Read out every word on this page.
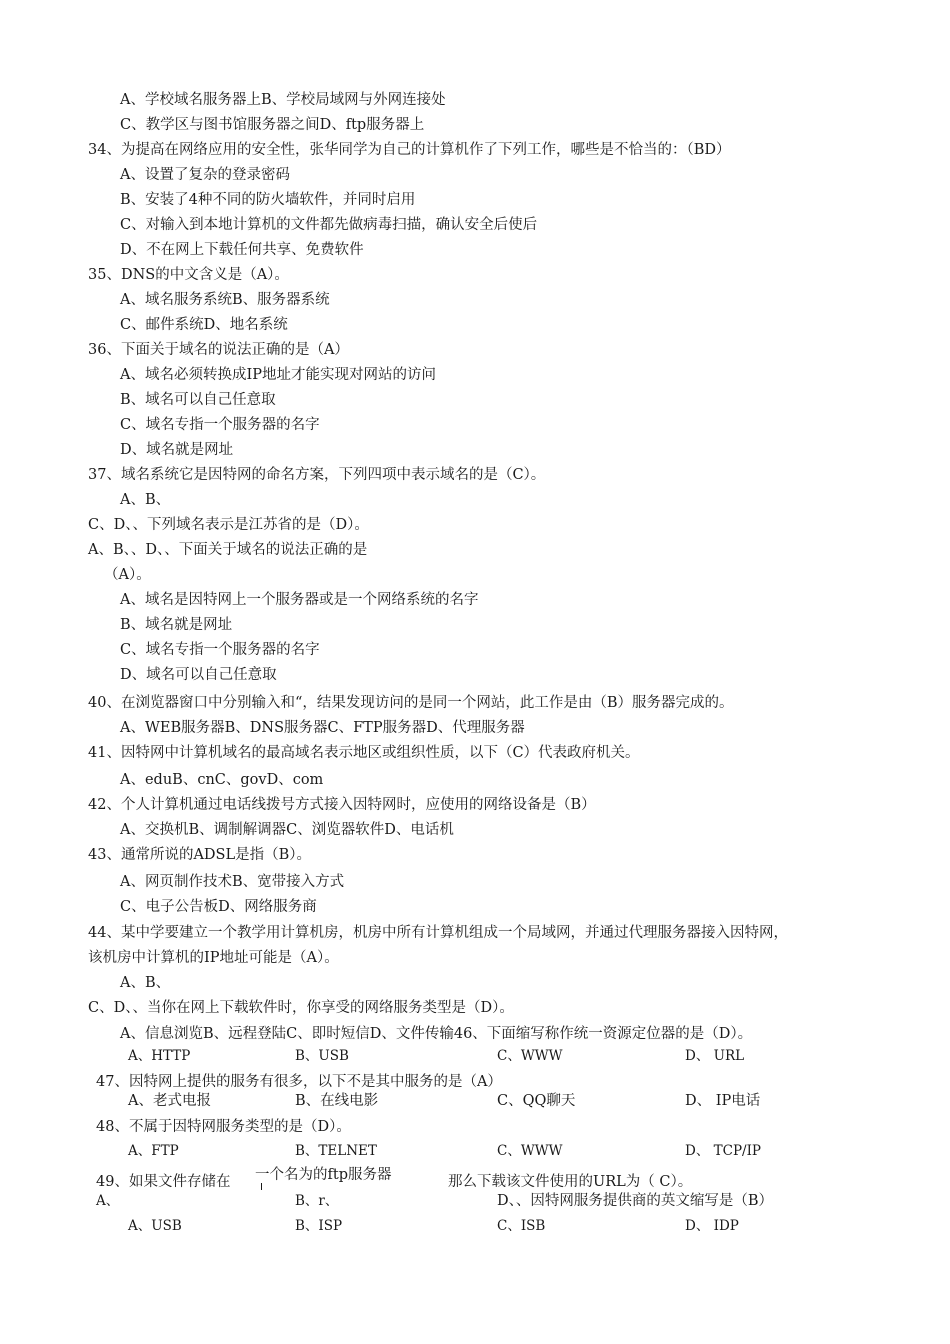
A、学校域名服务器上B、学校局域网与外网连接处
C、教学区与图书馆服务器之间D、ftp服务器上
34、为提高在网络应用的安全性，张华同学为自己的计算机作了下列工作，哪些是不恰当的：（BD）
A、设置了复杂的登录密码
B、安装了4种不同的防火墙软件，并同时启用
C、对输入到本地计算机的文件都先做病毒扫描，确认安全后使后
D、不在网上下载任何共享、免费软件
35、DNS的中文含义是（A）。
A、域名服务系统B、服务器系统
C、邮件系统D、地名系统
36、下面关于域名的说法正确的是（A）
A、域名必须转换成IP地址才能实现对网站的访问
B、域名可以自己任意取
C、域名专指一个服务器的名字
D、域名就是网址
37、域名系统它是因特网的命名方案，下列四项中表示域名的是（C）。
A、B、
C、D、、下列域名表示是江苏省的是（D）。
A、B、、D、、下面关于域名的说法正确的是
（A）。
A、域名是因特网上一个服务器或是一个网络系统的名字
B、域名就是网址
C、域名专指一个服务器的名字
D、域名可以自己任意取
40、在浏览器窗口中分别输入和“，结果发现访问的是同一个网站，此工作是由（B）服务器完成的。
A、WEB服务器B、DNS服务器C、FTP服务器D、代理服务器
41、因特网中计算机域名的最高域名表示地区或组织性质，以下（C）代表政府机关。
A、eduB、cnC、govD、com
42、个人计算机通过电话线拨号方式接入因特网时，应使用的网络设备是（B）
A、交换机B、调制解调器C、浏览器软件D、电话机
43、通常所说的ADSL是指（B）。
A、网页制作技术B、宽带接入方式
C、电子公告板D、网络服务商
44、某中学要建立一个教学用计算机房，机房中所有计算机组成一个局域网，并通过代理服务器接入因特网，
该机房中计算机的IP地址可能是（A）。
A、B、
C、D、、当你在网上下载软件时，你享受的网络服务类型是（D）。
A、信息浏览B、远程登陆C、即时短信D、文件传输46、下面缩写称作统一资源定位器的是（D）。
A、HTTP	B、USB	C、WWW	D、 URL
47、因特网上提供的服务有很多，以下不是其中服务的是（A）
A、老式电报	B、在线电影	C、QQ聊天	D、 IP电话
48、不属于因特网服务类型的是（D）。
A、FTP	B、TELNET	C、WWW	D、 TCP/IP
49、如果文件存储在 一个名为的ftp服务器	那么下载该文件使用的URL为（ C）。
A、	B、r、	D、、因特网服务提供商的英文缩写是（B）
A、USB	B、ISP	C、ISB	D、 IDP
